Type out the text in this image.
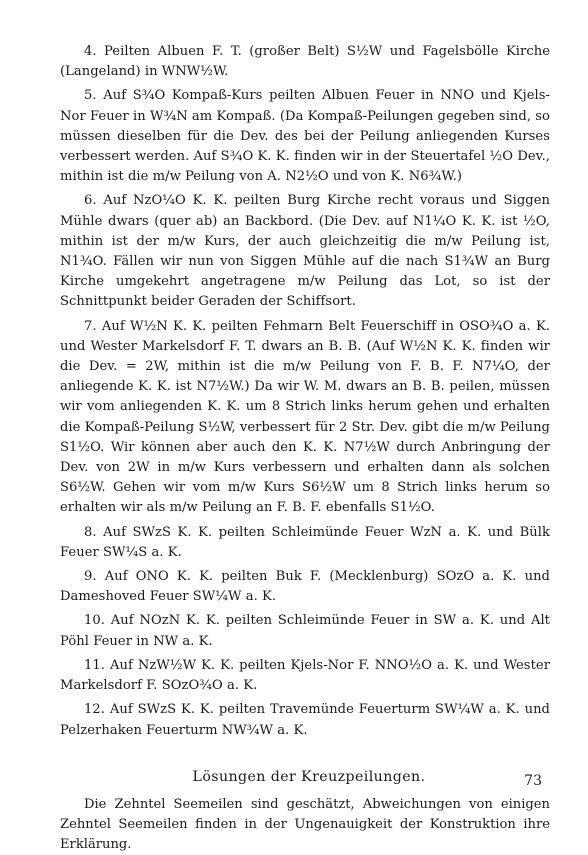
4. Peilten Albuen F. T. (großer Belt) S½W und Fagelsbölle Kirche (Langeland) in WNW½W.

5. Auf S¾O Kompaß-Kurs peilten Albuen Feuer in NNO und Kjels-Nor Feuer in W¾N am Kompaß. (Da Kompaß-Peilungen gegeben sind, so müssen dieselben für die Dev. des bei der Peilung anliegenden Kurses verbessert werden. Auf S¾O K. K. finden wir in der Steuertafel ½O Dev., mithin ist die m/w Peilung von A. N2½O und von K. N6¾W.)

6. Auf NzO¼O K. K. peilten Burg Kirche recht voraus und Siggen Mühle dwars (quer ab) an Backbord. (Die Dev. auf N1¼O K. K. ist ½O, mithin ist der m/w Kurs, der auch gleichzeitig die m/w Peilung ist, N1¾O. Fällen wir nun von Siggen Mühle auf die nach S1¾W an Burg Kirche umgekehrt angetragene m/w Peilung das Lot, so ist der Schnittpunkt beider Geraden der Schiffsort.

7. Auf W½N K. K. peilten Fehmarn Belt Feuerschiff in OSO¾O a. K. und Wester Markelsdorf F. T. dwars an B. B. (Auf W½N K. K. finden wir die Dev. = 2W, mithin ist die m/w Peilung von F. B. F. N7¼O, der anliegende K. K. ist N7½W.) Da wir W. M. dwars an B. B. peilen, müssen wir vom anliegenden K. K. um 8 Strich links herum gehen und erhalten die Kompaß-Peilung S½W, verbessert für 2 Str. Dev. gibt die m/w Peilung S1½O. Wir können aber auch den K. K. N7½W durch Anbringung der Dev. von 2W in m/w Kurs verbessern und erhalten dann als solchen S6½W. Gehen wir vom m/w Kurs S6½W um 8 Strich links herum so erhalten wir als m/w Peilung an F. B. F. ebenfalls S1½O.

8. Auf SWzS K. K. peilten Schleimünde Feuer WzN a. K. und Bülk Feuer SW¼S a. K.

9. Auf ONO K. K. peilten Buk F. (Mecklenburg) SOzO a. K. und Dameshoved Feuer SW¼W a. K.

10. Auf NOzN K. K. peilten Schleimünde Feuer in SW a. K. und Alt Pöhl Feuer in NW a. K.

11. Auf NzW½W K. K. peilten Kjels-Nor F. NNO½O a. K. und Wester Markelsdorf F. SOzO¾O a. K.

12. Auf SWzS K. K. peilten Travemünde Feuerturm SW¼W a. K. und Pelzerhaken Feuerturm NW¾W a. K.

Lösungen der Kreuzpeilungen.

Die Zehntel Seemeilen sind geschätzt, Abweichungen von einigen Zehntel Seemeilen finden in der Ungenauigkeit der Konstruktion ihre Erklärung.

73
